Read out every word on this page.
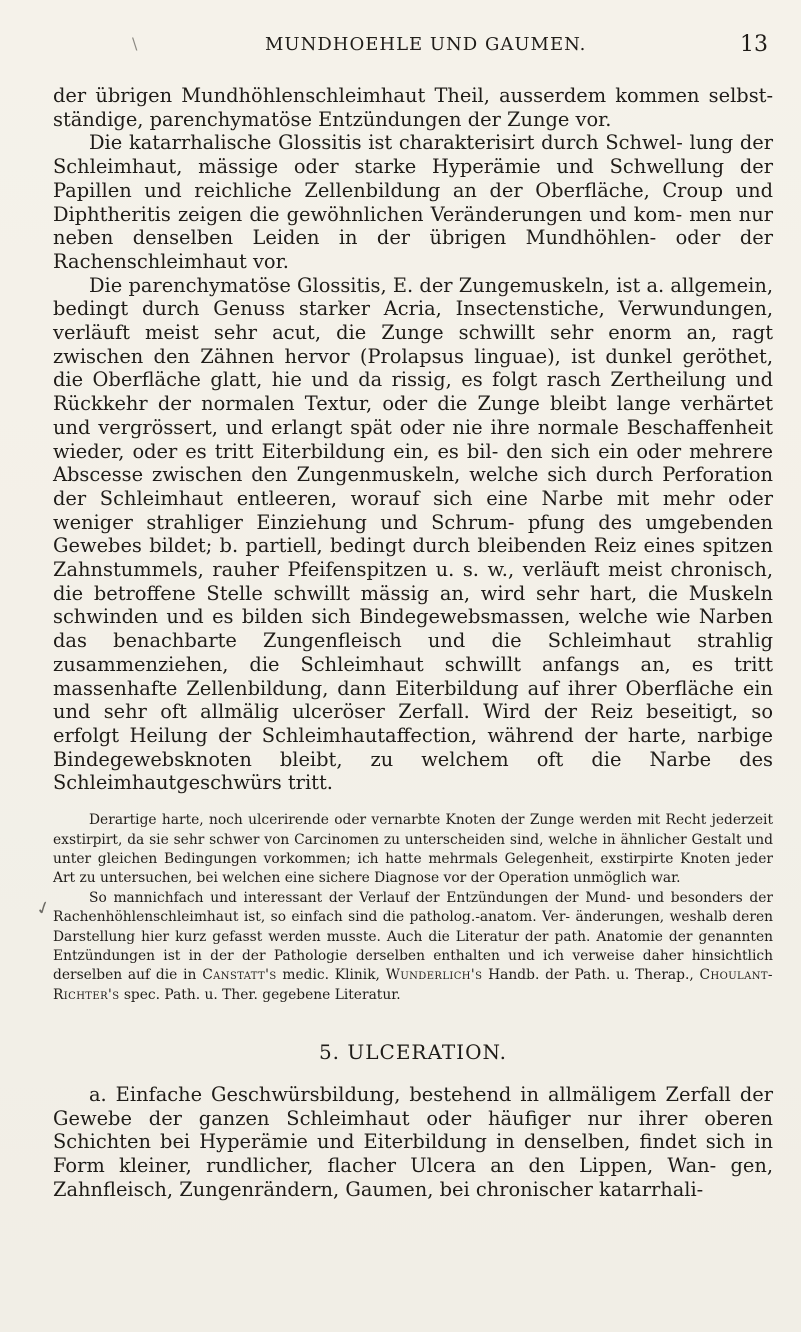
\	MUNDHOEHLE UND GAUMEN.	13
✓

der übrigen Mundhöhlenschleimhaut Theil, ausserdem kommen selbst- ständige, parenchymatöse Entzündungen der Zunge vor.

Die katarrhalische Glossitis ist charakterisirt durch Schwel- lung der Schleimhaut, mässige oder starke Hyperämie und Schwellung der Papillen und reichliche Zellenbildung an der Oberfläche, Croup und Diphtheritis zeigen die gewöhnlichen Veränderungen und kom- men nur neben denselben Leiden in der übrigen Mundhöhlen- oder der Rachenschleimhaut vor.

Die parenchymatöse Glossitis, E. der Zungemuskeln, ist a. allgemein, bedingt durch Genuss starker Acria, Insectenstiche, Verwundungen, verläuft meist sehr acut, die Zunge schwillt sehr enorm an, ragt zwischen den Zähnen hervor (Prolapsus linguae), ist dunkel geröthet, die Oberfläche glatt, hie und da rissig, es folgt rasch Zertheilung und Rückkehr der normalen Textur, oder die Zunge bleibt lange verhärtet und vergrössert, und erlangt spät oder nie ihre normale Beschaffenheit wieder, oder es tritt Eiterbildung ein, es bil- den sich ein oder mehrere Abscesse zwischen den Zungenmuskeln, welche sich durch Perforation der Schleimhaut entleeren, worauf sich eine Narbe mit mehr oder weniger strahliger Einziehung und Schrum- pfung des umgebenden Gewebes bildet; b. partiell, bedingt durch bleibenden Reiz eines spitzen Zahnstummels, rauher Pfeifenspitzen u. s. w., verläuft meist chronisch, die betroffene Stelle schwillt mässig an, wird sehr hart, die Muskeln schwinden und es bilden sich Bindegewebsmassen, welche wie Narben das benachbarte Zungenfleisch und die Schleimhaut strahlig zusammenziehen, die Schleimhaut schwillt anfangs an, es tritt massenhafte Zellenbildung, dann Eiterbildung auf ihrer Oberfläche ein und sehr oft allmälig ulceröser Zerfall. Wird der Reiz beseitigt, so erfolgt Heilung der Schleimhautaffection, während der harte, narbige Bindegewebsknoten bleibt, zu welchem oft die Narbe des Schleimhautgeschwürs tritt.

Derartige harte, noch ulcerirende oder vernarbte Knoten der Zunge werden mit Recht jederzeit exstirpirt, da sie sehr schwer von Carcinomen zu unterscheiden sind, welche in ähnlicher Gestalt und unter gleichen Bedingungen vorkommen; ich hatte mehrmals Gelegenheit, exstirpirte Knoten jeder Art zu untersuchen, bei welchen eine sichere Diagnose vor der Operation unmöglich war.

So mannichfach und interessant der Verlauf der Entzündungen der Mund- und besonders der Rachenhöhlenschleimhaut ist, so einfach sind die patholog.-anatom. Ver- änderungen, weshalb deren Darstellung hier kurz gefasst werden musste. Auch die Literatur der path. Anatomie der genannten Entzündungen ist in der der Pathologie derselben enthalten und ich verweise daher hinsichtlich derselben auf die in Canstatt's medic. Klinik, Wunderlich's Handb. der Path. u. Therap., Choulant-Richter's spec. Path. u. Ther. gegebene Literatur.

5. ULCERATION.

a. Einfache Geschwürsbildung, bestehend in allmäligem Zerfall der Gewebe der ganzen Schleimhaut oder häufiger nur ihrer oberen Schichten bei Hyperämie und Eiterbildung in denselben, findet sich in Form kleiner, rundlicher, flacher Ulcera an den Lippen, Wan- gen, Zahnfleisch, Zungenrändern, Gaumen, bei chronischer katarrhali-
